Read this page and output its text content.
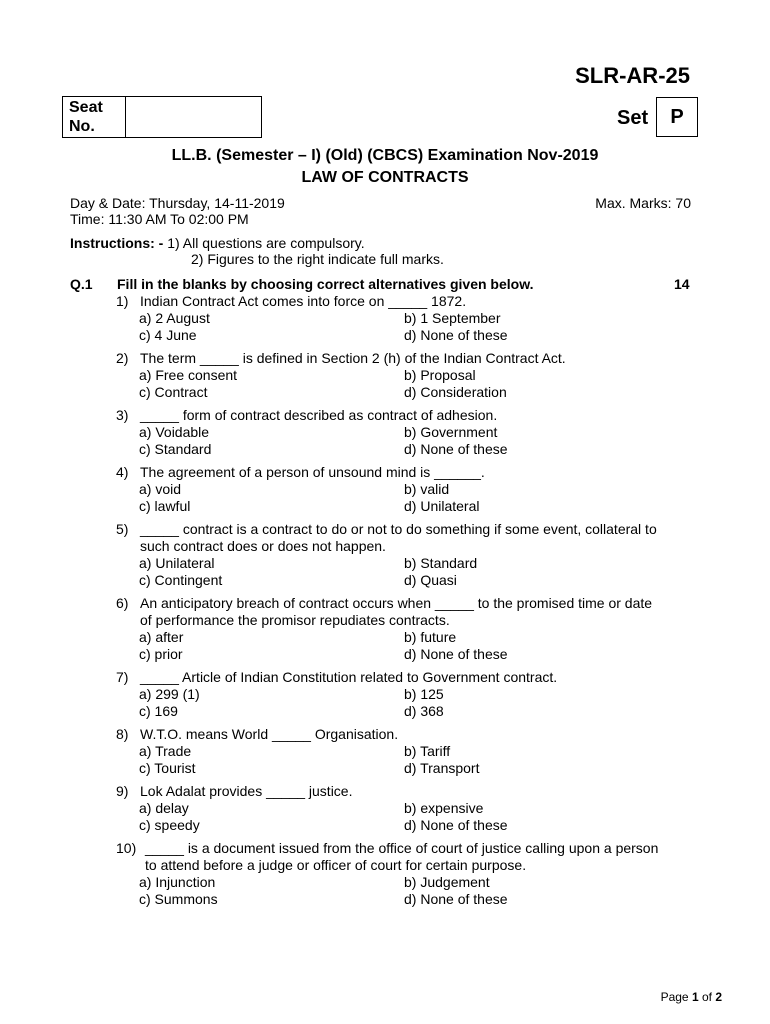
SLR-AR-25
Seat
No.	Set	P
LL.B. (Semester – I) (Old) (CBCS) Examination Nov-2019
LAW OF CONTRACTS
Day & Date: Thursday, 14-11-2019
Time: 11:30 AM To 02:00 PM
Max. Marks: 70
Instructions: - 1) All questions are compulsory.
2) Figures to the right indicate full marks.
Q.1 Fill in the blanks by choosing correct alternatives given below.	14
1) Indian Contract Act comes into force on _____ 1872.
a) 2 August	b) 1 September
c) 4 June	d) None of these
2) The term _____ is defined in Section 2 (h) of the Indian Contract Act.
a) Free consent	b) Proposal
c) Contract	d) Consideration
3) _____ form of contract described as contract of adhesion.
a) Voidable	b) Government
c) Standard	d) None of these
4) The agreement of a person of unsound mind is ______.
a) void	b) valid
c) lawful	d) Unilateral
5) _____ contract is a contract to do or not to do something if some event, collateral to such contract does or does not happen.
a) Unilateral	b) Standard
c) Contingent	d) Quasi
6) An anticipatory breach of contract occurs when _____ to the promised time or date of performance the promisor repudiates contracts.
a) after	b) future
c) prior	d) None of these
7) _____ Article of Indian Constitution related to Government contract.
a) 299 (1)	b) 125
c) 169	d) 368
8) W.T.O. means World _____ Organisation.
a) Trade	b) Tariff
c) Tourist	d) Transport
9) Lok Adalat provides _____ justice.
a) delay	b) expensive
c) speedy	d) None of these
10) _____ is a document issued from the office of court of justice calling upon a person to attend before a judge or officer of court for certain purpose.
a) Injunction	b) Judgement
c) Summons	d) None of these
Page 1 of 2
